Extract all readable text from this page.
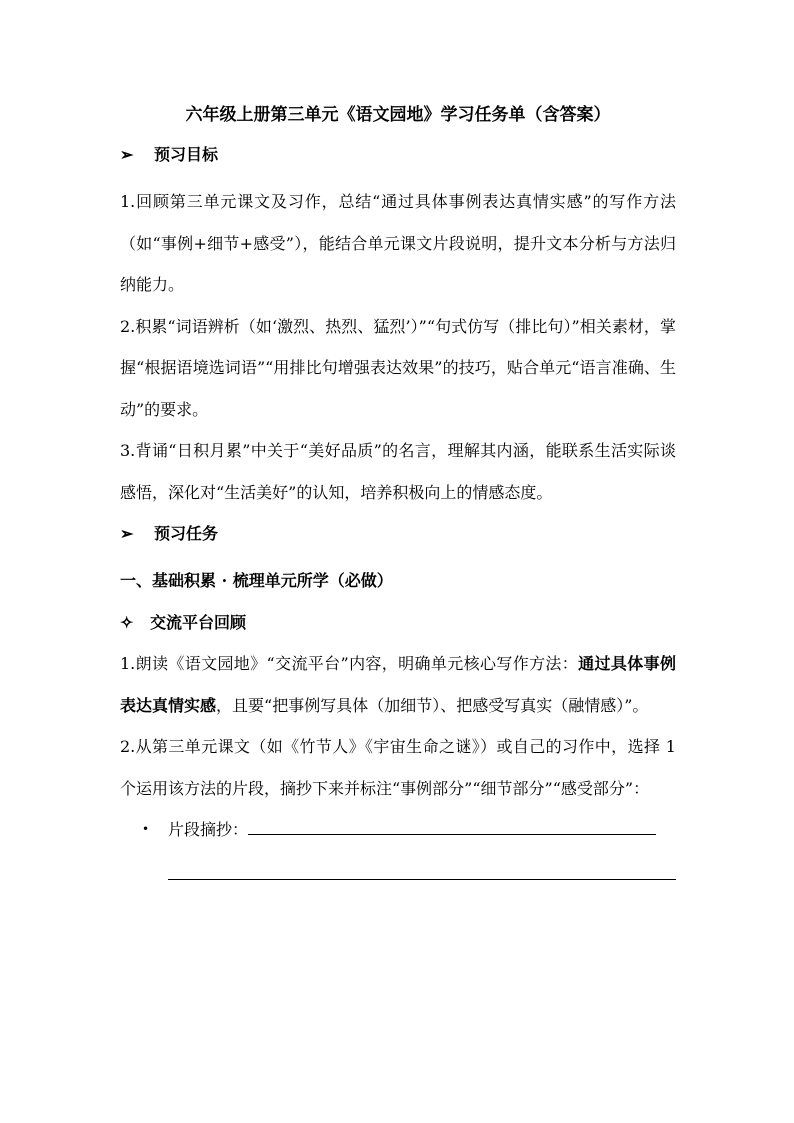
六年级上册第三单元《语文园地》学习任务单（含答案）
➢ 预习目标

1.回顾第三单元课文及习作，总结“通过具体事例表达真情实感”的写作方法（如“事例+细节+感受”），能结合单元课文片段说明，提升文本分析与方法归纳能力。

2.积累“词语辨析（如‘激烈、热烈、猛烈’）”“句式仿写（排比句）”相关素材，掌握“根据语境选词语”“用排比句增强表达效果”的技巧，贴合单元“语言准确、生动”的要求。

3.背诵“日积月累”中关于“美好品质”的名言，理解其内涵，能联系生活实际谈感悟，深化对“生活美好”的认知，培养积极向上的情感态度。

➢ 预习任务

一、基础积累 · 梳理单元所学（必做）

✧ 交流平台回顾

1.朗读《语文园地》“交流平台”内容，明确单元核心写作方法：通过具体事例表达真情实感，且要“把事例写具体（加细节）、把感受写真实（融情感）”。

2.从第三单元课文（如《竹节人》《宇宙生命之谜》）或自己的习作中，选择 1 个运用该方法的片段，摘抄下来并标注“事例部分”“细节部分”“感受部分”：

• 片段摘抄：
